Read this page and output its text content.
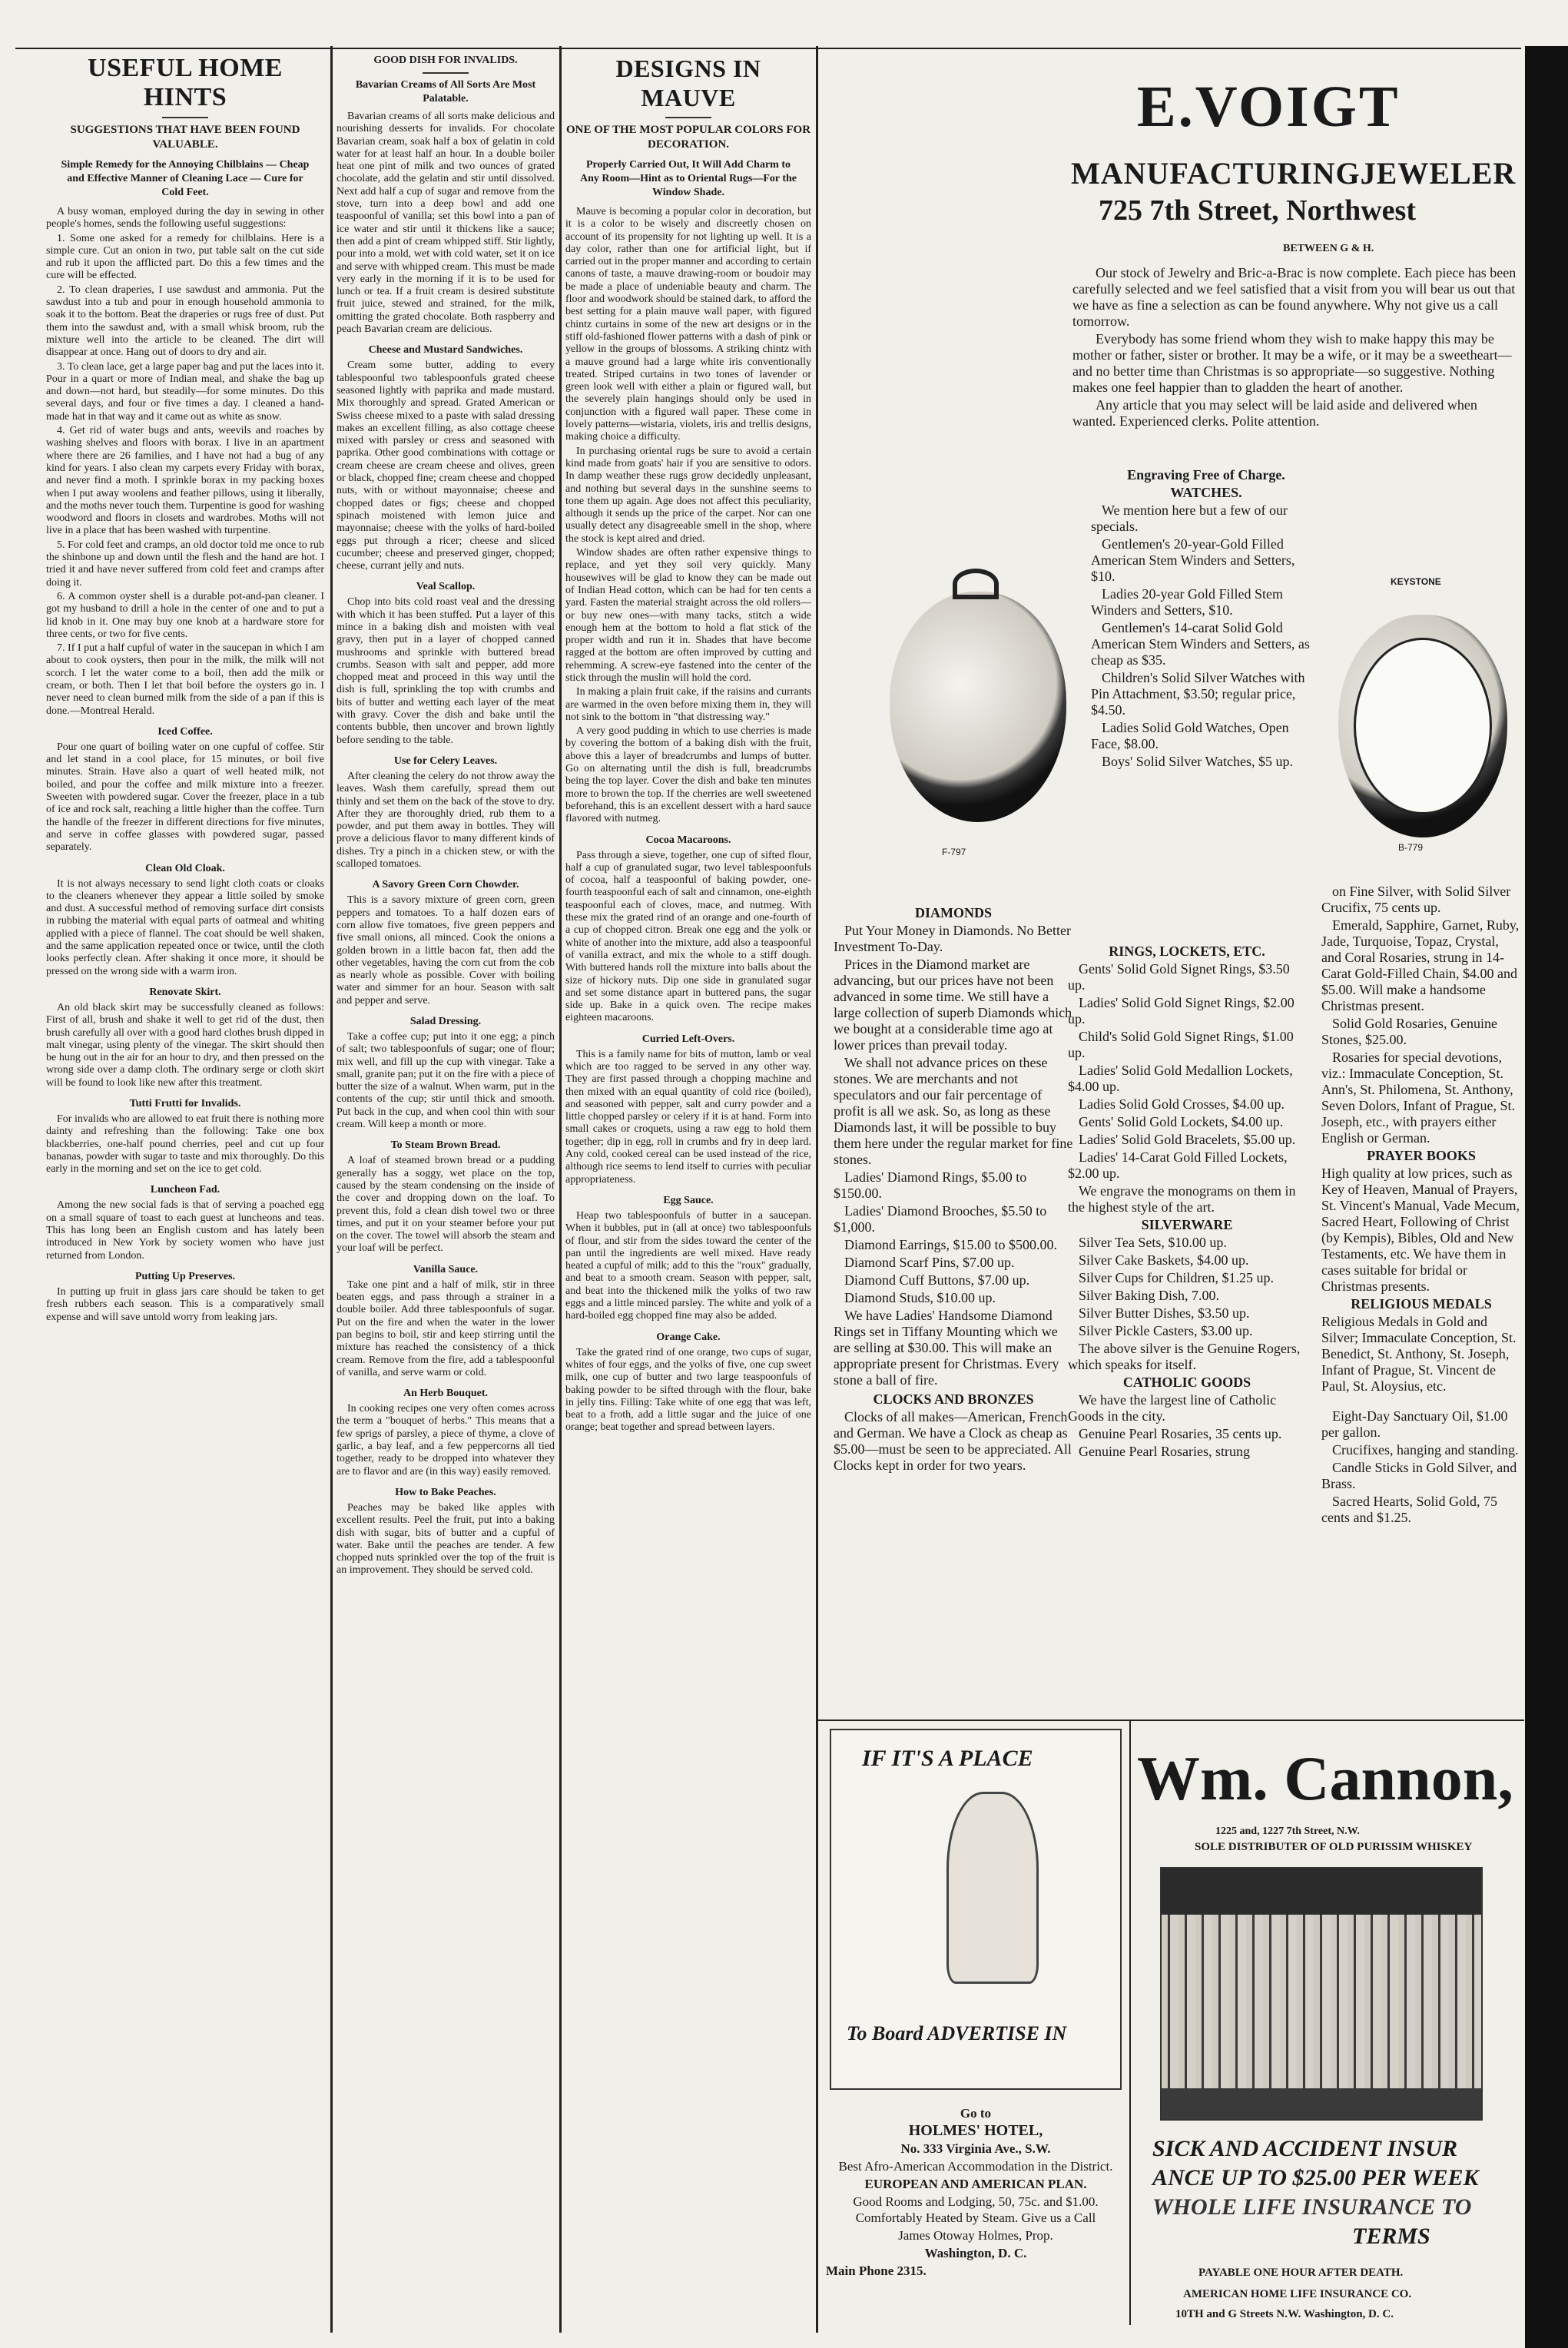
USEFUL HOME HINTS
SUGGESTIONS THAT HAVE BEEN FOUND VALUABLE.
Simple Remedy for the Annoying Chilblains — Cheap and Effective Manner of Cleaning Lace — Cure for Cold Feet.

A busy woman, employed during the day in sewing in other people's homes, sends the following useful suggestions:

1. Some one asked for a remedy for chilblains. Here is a simple cure. Cut an onion in two, put table salt on the cut side and rub it upon the afflicted part. Do this a few times and the cure will be effected.

2. To clean draperies, I use sawdust and ammonia. Put the sawdust into a tub and pour in enough household ammonia to soak it to the bottom. Beat the draperies or rugs free of dust. Put them into the sawdust and, with a small whisk broom, rub the mixture well into the article to be cleaned. The dirt will disappear at once. Hang out of doors to dry and air.

3. To clean lace, get a large paper bag and put the laces into it. Pour in a quart or more of Indian meal, and shake the bag up and down—not hard, but steadily—for some minutes. Do this several days, and four or five times a day. I cleaned a hand-made hat in that way and it came out as white as snow.

4. Get rid of water bugs and ants, weevils and roaches by washing shelves and floors with borax. I live in an apartment where there are 26 families, and I have not had a bug of any kind for years. I also clean my carpets every Friday with borax, and never find a moth. I sprinkle borax in my packing boxes when I put away woolens and feather pillows, using it liberally, and the moths never touch them. Turpentine is good for washing woodword and floors in closets and wardrobes. Moths will not live in a place that has been washed with turpentine.

5. For cold feet and cramps, an old doctor told me once to rub the shinbone up and down until the flesh and the hand are hot. I tried it and have never suffered from cold feet and cramps after doing it.

6. A common oyster shell is a durable pot-and-pan cleaner. I got my husband to drill a hole in the center of one and to put a lid knob in it. One may buy one knob at a hardware store for three cents, or two for five cents.

7. If I put a half cupful of water in the saucepan in which I am about to cook oysters, then pour in the milk, the milk will not scorch. I let the water come to a boil, then add the milk or cream, or both. Then I let that boil before the oysters go in. I never need to clean burned milk from the side of a pan if this is done.—Montreal Herald.

Iced Coffee.

Pour one quart of boiling water on one cupful of coffee. Stir and let stand in a cool place, for 15 minutes, or boil five minutes. Strain. Have also a quart of well heated milk, not boiled, and pour the coffee and milk mixture into a freezer. Sweeten with powdered sugar. Cover the freezer, place in a tub of ice and rock salt, reaching a little higher than the coffee. Turn the handle of the freezer in different directions for five minutes, and serve in coffee glasses with powdered sugar, passed separately.

Clean Old Cloak.

It is not always necessary to send light cloth coats or cloaks to the cleaners whenever they appear a little soiled by smoke and dust. A successful method of removing surface dirt consists in rubbing the material with equal parts of oatmeal and whiting applied with a piece of flannel. The coat should be well shaken, and the same application repeated once or twice, until the cloth looks perfectly clean. After shaking it once more, it should be pressed on the wrong side with a warm iron.

Renovate Skirt.

An old black skirt may be successfully cleaned as follows: First of all, brush and shake it well to get rid of the dust, then brush carefully all over with a good hard clothes brush dipped in malt vinegar, using plenty of the vinegar. The skirt should then be hung out in the air for an hour to dry, and then pressed on the wrong side over a damp cloth. The ordinary serge or cloth skirt will be found to look like new after this treatment.

Tutti Frutti for Invalids.

For invalids who are allowed to eat fruit there is nothing more dainty and refreshing than the following: Take one box blackberries, one-half pound cherries, peel and cut up four bananas, powder with sugar to taste and mix thoroughly. Do this early in the morning and set on the ice to get cold.

Luncheon Fad.

Among the new social fads is that of serving a poached egg on a small square of toast to each guest at luncheons and teas. This has long been an English custom and has lately been introduced in New York by society women who have just returned from London.

Putting Up Preserves.

In putting up fruit in glass jars care should be taken to get fresh rubbers each season. This is a comparatively small expense and will save untold worry from leaking jars.

GOOD DISH FOR INVALIDS.
Bavarian Creams of All Sorts Are Most Palatable.
Bavarian creams of all sorts make delicious and nourishing desserts for invalids. For chocolate Bavarian cream, soak half a box of gelatin in cold water for at least half an hour. In a double boiler heat one pint of milk and two ounces of grated chocolate, add the gelatin and stir until dissolved. Next add half a cup of sugar and remove from the stove, turn into a deep bowl and add one teaspoonful of vanilla; set this bowl into a pan of ice water and stir until it thickens like a sauce; then add a pint of cream whipped stiff. Stir lightly, pour into a mold, wet with cold water, set it on ice and serve with whipped cream. This must be made very early in the morning if it is to be used for lunch or tea. If a fruit cream is desired substitute fruit juice, stewed and strained, for the milk, omitting the grated chocolate. Both raspberry and peach Bavarian cream are delicious.
Cheese and Mustard Sandwiches.

Cream some butter, adding to every tablespoonful two tablespoonfuls grated cheese seasoned lightly with paprika and made mustard. Mix thoroughly and spread. Grated American or Swiss cheese mixed to a paste with salad dressing makes an excellent filling, as also cottage cheese mixed with parsley or cress and seasoned with paprika. Other good combinations with cottage or cream cheese are cream cheese and olives, green or black, chopped fine; cream cheese and chopped nuts, with or without mayonnaise; cheese and chopped dates or figs; cheese and chopped spinach moistened with lemon juice and mayonnaise; cheese with the yolks of hard-boiled eggs put through a ricer; cheese and sliced cucumber; cheese and preserved ginger, chopped; cheese, currant jelly and nuts.

Veal Scallop.

Chop into bits cold roast veal and the dressing with which it has been stuffed. Put a layer of this mince in a baking dish and moisten with veal gravy, then put in a layer of chopped canned mushrooms and sprinkle with buttered bread crumbs. Season with salt and pepper, add more chopped meat and proceed in this way until the dish is full, sprinkling the top with crumbs and bits of butter and wetting each layer of the meat with gravy. Cover the dish and bake until the contents bubble, then uncover and brown lightly before sending to the table.

Use for Celery Leaves.

After cleaning the celery do not throw away the leaves. Wash them carefully, spread them out thinly and set them on the back of the stove to dry. After they are thoroughly dried, rub them to a powder, and put them away in bottles. They will prove a delicious flavor to many different kinds of dishes. Try a pinch in a chicken stew, or with the scalloped tomatoes.

A Savory Green Corn Chowder.

This is a savory mixture of green corn, green peppers and tomatoes. To a half dozen ears of corn allow five tomatoes, five green peppers and five small onions, all minced. Cook the onions a golden brown in a little bacon fat, then add the other vegetables, having the corn cut from the cob as nearly whole as possible. Cover with boiling water and simmer for an hour. Season with salt and pepper and serve.

Salad Dressing.

Take a coffee cup; put into it one egg; a pinch of salt; two tablespoonfuls of sugar; one of flour; mix well, and fill up the cup with vinegar. Take a small, granite pan; put it on the fire with a piece of butter the size of a walnut. When warm, put in the contents of the cup; stir until thick and smooth. Put back in the cup, and when cool thin with sour cream. Will keep a month or more.

To Steam Brown Bread.

A loaf of steamed brown bread or a pudding generally has a soggy, wet place on the top, caused by the steam condensing on the inside of the cover and dropping down on the loaf. To prevent this, fold a clean dish towel two or three times, and put it on your steamer before your put on the cover. The towel will absorb the steam and your loaf will be perfect.

Vanilla Sauce.

Take one pint and a half of milk, stir in three beaten eggs, and pass through a strainer in a double boiler. Add three tablespoonfuls of sugar. Put on the fire and when the water in the lower pan begins to boil, stir and keep stirring until the mixture has reached the consistency of a thick cream. Remove from the fire, add a tablespoonful of vanilla, and serve warm or cold.

An Herb Bouquet.

In cooking recipes one very often comes across the term a "bouquet of herbs." This means that a few sprigs of parsley, a piece of thyme, a clove of garlic, a bay leaf, and a few peppercorns all tied together, ready to be dropped into whatever they are to flavor and are (in this way) easily removed.

How to Bake Peaches.

Peaches may be baked like apples with excellent results. Peel the fruit, put into a baking dish with sugar, bits of butter and a cupful of water. Bake until the peaches are tender. A few chopped nuts sprinkled over the top of the fruit is an improvement. They should be served cold.

DESIGNS IN MAUVE
ONE OF THE MOST POPULAR COLORS FOR DECORATION.
Properly Carried Out, It Will Add Charm to Any Room—Hint as to Oriental Rugs—For the Window Shade.

Mauve is becoming a popular color in decoration, but it is a color to be wisely and discreetly chosen on account of its propensity for not lighting up well. It is a day color, rather than one for artificial light, but if carried out in the proper manner and according to certain canons of taste, a mauve drawing-room or boudoir may be made a place of undeniable beauty and charm. The floor and woodwork should be stained dark, to afford the best setting for a plain mauve wall paper, with figured chintz curtains in some of the new art designs or in the stiff old-fashioned flower patterns with a dash of pink or yellow in the groups of blossoms. A striking chintz with a mauve ground had a large white iris conventionally treated. Striped curtains in two tones of lavender or green look well with either a plain or figured wall, but the severely plain hangings should only be used in conjunction with a figured wall paper. These come in lovely patterns—wistaria, violets, iris and trellis designs, making choice a difficulty.

In purchasing oriental rugs be sure to avoid a certain kind made from goats' hair if you are sensitive to odors. In damp weather these rugs grow decidedly unpleasant, and nothing but several days in the sunshine seems to tone them up again. Age does not affect this peculiarity, although it sends up the price of the carpet. Nor can one usually detect any disagreeable smell in the shop, where the stock is kept aired and dried.

Window shades are often rather expensive things to replace, and yet they soil very quickly. Many housewives will be glad to know they can be made out of Indian Head cotton, which can be had for ten cents a yard. Fasten the material straight across the old rollers—or buy new ones—with many tacks, stitch a wide enough hem at the bottom to hold a flat stick of the proper width and run it in. Shades that have become ragged at the bottom are often improved by cutting and rehemming. A screw-eye fastened into the center of the stick through the muslin will hold the cord.

In making a plain fruit cake, if the raisins and currants are warmed in the oven before mixing them in, they will not sink to the bottom in "that distressing way."

A very good pudding in which to use cherries is made by covering the bottom of a baking dish with the fruit, above this a layer of breadcrumbs and lumps of butter. Go on alternating until the dish is full, breadcrumbs being the top layer. Cover the dish and bake ten minutes more to brown the top. If the cherries are well sweetened beforehand, this is an excellent dessert with a hard sauce flavored with nutmeg.

Cocoa Macaroons.

Pass through a sieve, together, one cup of sifted flour, half a cup of granulated sugar, two level tablespoonfuls of cocoa, half a teaspoonful of baking powder, one-fourth teaspoonful each of salt and cinnamon, one-eighth teaspoonful each of cloves, mace, and nutmeg. With these mix the grated rind of an orange and one-fourth of a cup of chopped citron. Break one egg and the yolk or white of another into the mixture, add also a teaspoonful of vanilla extract, and mix the whole to a stiff dough. With buttered hands roll the mixture into balls about the size of hickory nuts. Dip one side in granulated sugar and set some distance apart in buttered pans, the sugar side up. Bake in a quick oven. The recipe makes eighteen macaroons.

Curried Left-Overs.

This is a family name for bits of mutton, lamb or veal which are too ragged to be served in any other way. They are first passed through a chopping machine and then mixed with an equal quantity of cold rice (boiled), and seasoned with pepper, salt and curry powder and a little chopped parsley or celery if it is at hand. Form into small cakes or croquets, using a raw egg to hold them together; dip in egg, roll in crumbs and fry in deep lard. Any cold, cooked cereal can be used instead of the rice, although rice seems to lend itself to curries with peculiar appropriateness.

Egg Sauce.

Heap two tablespoonfuls of butter in a saucepan. When it bubbles, put in (all at once) two tablespoonfuls of flour, and stir from the sides toward the center of the pan until the ingredients are well mixed. Have ready heated a cupful of milk; add to this the "roux" gradually, and beat to a smooth cream. Season with pepper, salt, and beat into the thickened milk the yolks of two raw eggs and a little minced parsley. The white and yolk of a hard-boiled egg chopped fine may also be added.

Orange Cake.

Take the grated rind of one orange, two cups of sugar, whites of four eggs, and the yolks of five, one cup sweet milk, one cup of butter and two large teaspoonfuls of baking powder to be sifted through with the flour, bake in jelly tins. Filling: Take white of one egg that was left, beat to a froth, add a little sugar and the juice of one orange; beat together and spread between layers.

E.VOIGT
MANUFACTURINGJEWELER
725 7th Street, Northwest
BETWEEN G & H.

Our stock of Jewelry and Bric-a-Brac is now complete. Each piece has been carefully selected and we feel satisfied that a visit from you will bear us out that we have as fine a selection as can be found anywhere. Why not give us a call tomorrow.

Everybody has some friend whom they wish to make happy this may be mother or father, sister or brother. It may be a wife, or it may be a sweetheart—and no better time than Christmas is so appropriate—so suggestive. Nothing makes one feel happier than to gladden the heart of another.

Any article that you may select will be laid aside and delivered when wanted. Experienced clerks. Polite attention.

Engraving Free of Charge.

WATCHES.

We mention here but a few of our specials.

Gentlemen's 20-year-Gold Filled American Stem Winders and Setters, $10.

Ladies 20-year Gold Filled Stem Winders and Setters, $10.

Gentlemen's 14-carat Solid Gold American Stem Winders and Setters, as cheap as $35.

Children's Solid Silver Watches with Pin Attachment, $3.50; regular price, $4.50.

Ladies Solid Gold Watches, Open Face, $8.00.

Boys' Solid Silver Watches, $5 up.

F-797
KEYSTONE
B-779

DIAMONDS

Put Your Money in Diamonds. No Better Investment To-Day.

Prices in the Diamond market are advancing, but our prices have not been advanced in some time. We still have a large collection of superb Diamonds which we bought at a considerable time ago at lower prices than prevail today.

We shall not advance prices on these stones. We are merchants and not speculators and our fair percentage of profit is all we ask. So, as long as these Diamonds last, it will be possible to buy them here under the regular market for fine stones.

Ladies' Diamond Rings, $5.00 to $150.00.

Ladies' Diamond Brooches, $5.50 to $1,000.

Diamond Earrings, $15.00 to $500.00.

Diamond Scarf Pins, $7.00 up.

Diamond Cuff Buttons, $7.00 up.

Diamond Studs, $10.00 up.

We have Ladies' Handsome Diamond Rings set in Tiffany Mounting which we are selling at $30.00. This will make an appropriate present for Christmas. Every stone a ball of fire.

CLOCKS AND BRONZES

Clocks of all makes—American, French and German. We have a Clock as cheap as $5.00—must be seen to be appreciated. All Clocks kept in order for two years.

RINGS, LOCKETS, ETC.

Gents' Solid Gold Signet Rings, $3.50 up.

Ladies' Solid Gold Signet Rings, $2.00 up.

Child's Solid Gold Signet Rings, $1.00 up.

Ladies' Solid Gold Medallion Lockets, $4.00 up.

Ladies Solid Gold Crosses, $4.00 up.

Gents' Solid Gold Lockets, $4.00 up.

Ladies' Solid Gold Bracelets, $5.00 up.

Ladies' 14-Carat Gold Filled Lockets, $2.00 up.

We engrave the monograms on them in the highest style of the art.

SILVERWARE

Silver Tea Sets, $10.00 up.

Silver Cake Baskets, $4.00 up.

Silver Cups for Children, $1.25 up.

Silver Baking Dish, 7.00.

Silver Butter Dishes, $3.50 up.

Silver Pickle Casters, $3.00 up.

The above silver is the Genuine Rogers, which speaks for itself.

CATHOLIC GOODS

We have the largest line of Catholic Goods in the city.

Genuine Pearl Rosaries, 35 cents up.

Genuine Pearl Rosaries, strung

on Fine Silver, with Solid Silver Crucifix, 75 cents up.

Emerald, Sapphire, Garnet, Ruby, Jade, Turquoise, Topaz, Crystal, and Coral Rosaries, strung in 14-Carat Gold-Filled Chain, $4.00 and $5.00. Will make a handsome Christmas present.

Solid Gold Rosaries, Genuine Stones, $25.00.

Rosaries for special devotions, viz.: Immaculate Conception, St. Ann's, St. Philomena, St. Anthony, Seven Dolors, Infant of Prague, St. Joseph, etc., with prayers either English or German.

PRAYER BOOKS

High quality at low prices, such as Key of Heaven, Manual of Prayers, St. Vincent's Manual, Vade Mecum, Sacred Heart, Following of Christ (by Kempis), Bibles, Old and New Testaments, etc. We have them in cases suitable for bridal or Christmas presents.

RELIGIOUS MEDALS

Religious Medals in Gold and Silver; Immaculate Conception, St. Benedict, St. Anthony, St. Joseph, Infant of Prague, St. Vincent de Paul, St. Aloysius, etc.

Eight-Day Sanctuary Oil, $1.00 per gallon.

Crucifixes, hanging and standing.

Candle Sticks in Gold Silver, and Brass.

Sacred Hearts, Solid Gold, 75 cents and $1.25.

IF IT'S A PLACE
To Board ADVERTISE IN

Go to

HOLMES' HOTEL,

No. 333 Virginia Ave., S.W.

Best Afro-American Accommodation in the District.

EUROPEAN AND AMERICAN PLAN.

Good Rooms and Lodging, 50, 75c. and $1.00. Comfortably Heated by Steam. Give us a Call

James Otoway Holmes, Prop.

Washington, D. C.

Main Phone 2315.

Wm. Cannon,
1225 and, 1227 7th Street, N.W.
SOLE DISTRIBUTER OF OLD PURISSIM WHISKEY
SICK AND ACCIDENT INSUR
ANCE UP TO $25.00 PER WEEK
WHOLE LIFE INSURANCE TO
TERMS
PAYABLE ONE HOUR AFTER DEATH.
AMERICAN HOME LIFE INSURANCE CO.
10TH and G Streets N.W. Washington, D. C.
